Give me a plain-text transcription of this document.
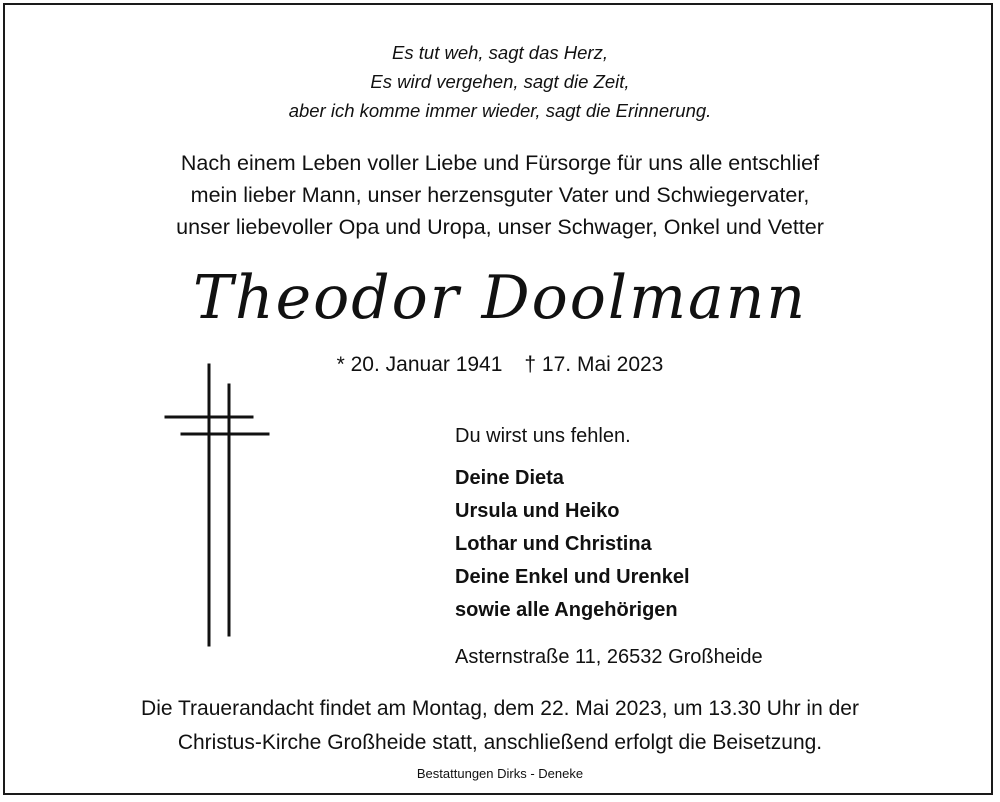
Es tut weh, sagt das Herz,
Es wird vergehen, sagt die Zeit,
aber ich komme immer wieder, sagt die Erinnerung.
Nach einem Leben voller Liebe und Fürsorge für uns alle entschlief
mein lieber Mann, unser herzensguter Vater und Schwiegervater,
unser liebevoller Opa und Uropa, unser Schwager, Onkel und Vetter
Theodor Doolmann
* 20. Januar 1941 † 17. Mai 2023
Du wirst uns fehlen.
Deine Dieta
Ursula und Heiko
Lothar und Christina
Deine Enkel und Urenkel
sowie alle Angehörigen
Asternstraße 11, 26532 Großheide
Die Trauerandacht findet am Montag, dem 22. Mai 2023, um 13.30 Uhr in der
Christus-Kirche Großheide statt, anschließend erfolgt die Beisetzung.
Bestattungen Dirks - Deneke
